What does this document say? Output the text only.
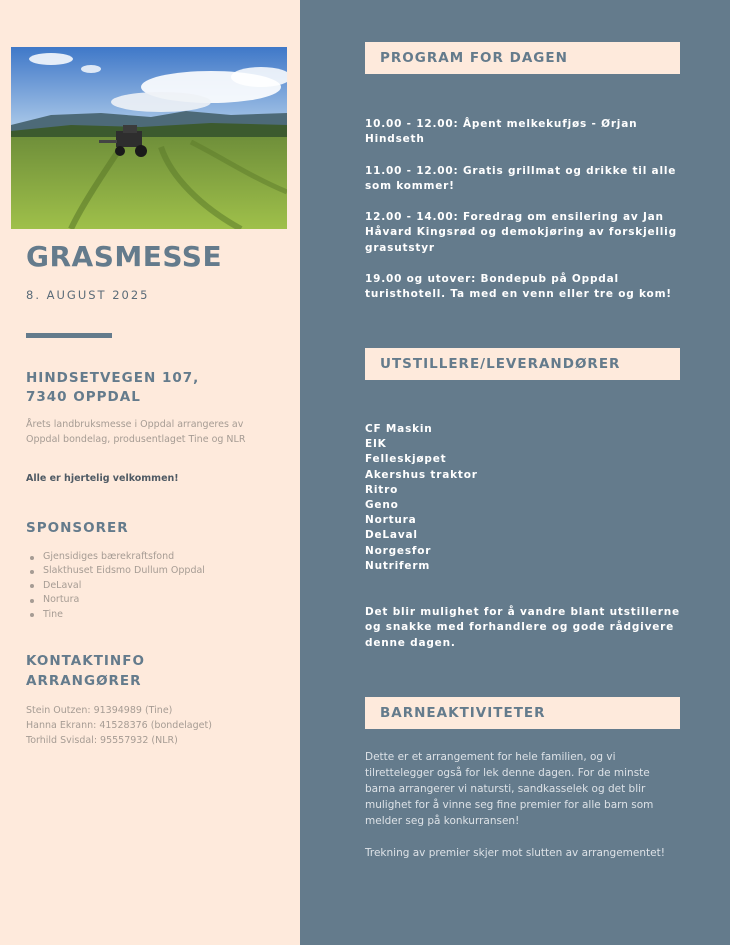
GRASMESSE
8. AUGUST 2025
HINDSETVEGEN 107,
7340 OPPDAL
Årets landbruksmesse i Oppdal arrangeres av Oppdal bondelag, produsentlaget Tine og NLR
Alle er hjertelig velkommen!
SPONSORER
Gjensidiges bærekraftsfond
Slakthuset Eidsmo Dullum Oppdal
DeLaval
Nortura
Tine
KONTAKTINFO
ARRANGØRER
Stein Outzen: 91394989 (Tine)
Hanna Ekrann: 41528376 (bondelaget)
Torhild Svisdal: 95557932 (NLR)
PROGRAM FOR DAGEN

10.00 - 12.00: Åpent melkekufjøs - Ørjan Hindseth

11.00 - 12.00: Gratis grillmat og drikke til alle som kommer!

12.00 - 14.00: Foredrag om ensilering av Jan Håvard Kingsrød og demokjøring av forskjellig grasutstyr

19.00 og utover: Bondepub på Oppdal turisthotell. Ta med en venn eller tre og kom!

UTSTILLERE/LEVERANDØRER
CF Maskin
EIK
Felleskjøpet
Akershus traktor
Ritro
Geno
Nortura
DeLaval
Norgesfor
Nutriferm
Det blir mulighet for å vandre blant utstillerne og snakke med forhandlere og gode rådgivere denne dagen.
BARNEAKTIVITETER

Dette er et arrangement for hele familien, og vi tilrettelegger også for lek denne dagen. For de minste barna arrangerer vi natursti, sandkasselek og det blir mulighet for å vinne seg fine premier for alle barn som melder seg på konkurransen!

Trekning av premier skjer mot slutten av arrangementet!
